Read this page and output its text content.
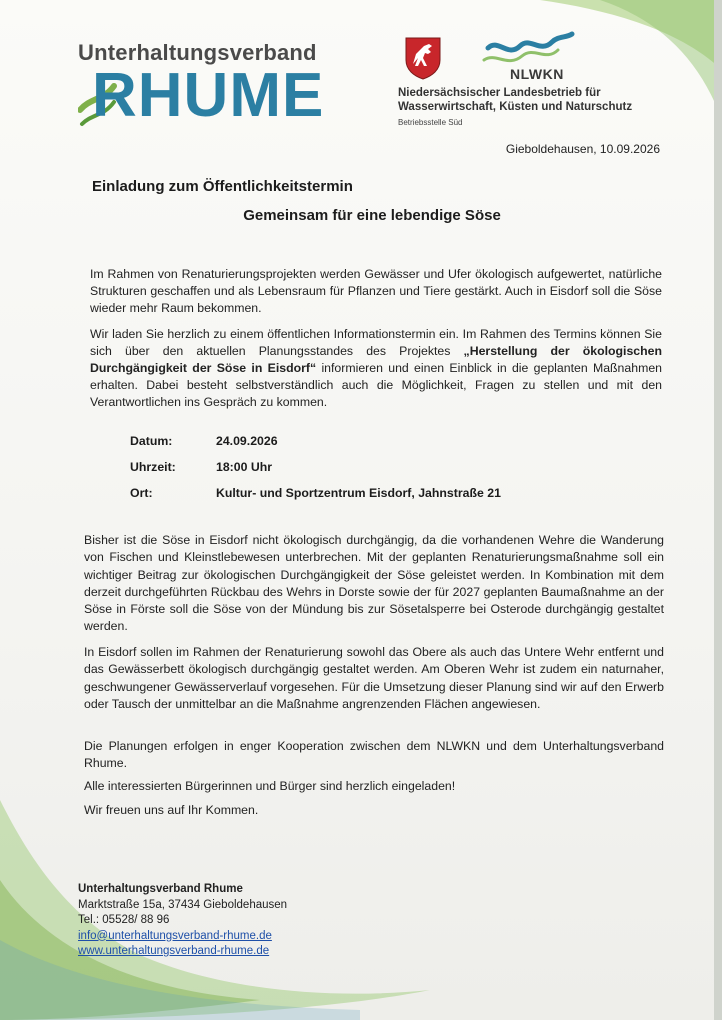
Unterhaltungsverband
RHUME	NLWKN
Niedersächsischer Landesbetrieb für
Wasserwirtschaft, Küsten und Naturschutz
Betriebsstelle Süd
Gieboldehausen, 10.09.2026
Einladung zum Öffentlichkeitstermin
Gemeinsam für eine lebendige Söse

Im Rahmen von Renaturierungsprojekten werden Gewässer und Ufer ökologisch aufgewertet, natürliche Strukturen geschaffen und als Lebensraum für Pflanzen und Tiere gestärkt. Auch in Eisdorf soll die Söse wieder mehr Raum bekommen.

Wir laden Sie herzlich zu einem öffentlichen Informationstermin ein. Im Rahmen des Termins können Sie sich über den aktuellen Planungsstandes des Projektes „Herstellung der ökologischen Durchgängigkeit der Söse in Eisdorf“ informieren und einen Einblick in die geplanten Maßnahmen erhalten. Dabei besteht selbstverständlich auch die Möglichkeit, Fragen zu stellen und mit den Verantwortlichen ins Gespräch zu kommen.

Datum:	24.09.2026
Uhrzeit:	18:00 Uhr
Ort:	Kultur- und Sportzentrum Eisdorf, Jahnstraße 21

Bisher ist die Söse in Eisdorf nicht ökologisch durchgängig, da die vorhandenen Wehre die Wanderung von Fischen und Kleinstlebewesen unterbrechen. Mit der geplanten Renaturierungsmaßnahme soll ein wichtiger Beitrag zur ökologischen Durchgängigkeit der Söse geleistet werden. In Kombination mit dem derzeit durchgeführten Rückbau des Wehrs in Dorste sowie der für 2027 geplanten Baumaßnahme an der Söse in Förste soll die Söse von der Mündung bis zur Sösetalsperre bei Osterode durchgängig gestaltet werden.

In Eisdorf sollen im Rahmen der Renaturierung sowohl das Obere als auch das Untere Wehr entfernt und das Gewässerbett ökologisch durchgängig gestaltet werden. Am Oberen Wehr ist zudem ein naturnaher, geschwungener Gewässerverlauf vorgesehen. Für die Umsetzung dieser Planung sind wir auf den Erwerb oder Tausch der unmittelbar an die Maßnahme angrenzenden Flächen angewiesen.

Die Planungen erfolgen in enger Kooperation zwischen dem NLWKN und dem Unterhaltungsverband Rhume.

Alle interessierten Bürgerinnen und Bürger sind herzlich eingeladen!

Wir freuen uns auf Ihr Kommen.

Unterhaltungsverband Rhume
Marktstraße 15a, 37434 Gieboldehausen
Tel.: 05528/ 88 96
info@unterhaltungsverband-rhume.de
www.unterhaltungsverband-rhume.de
